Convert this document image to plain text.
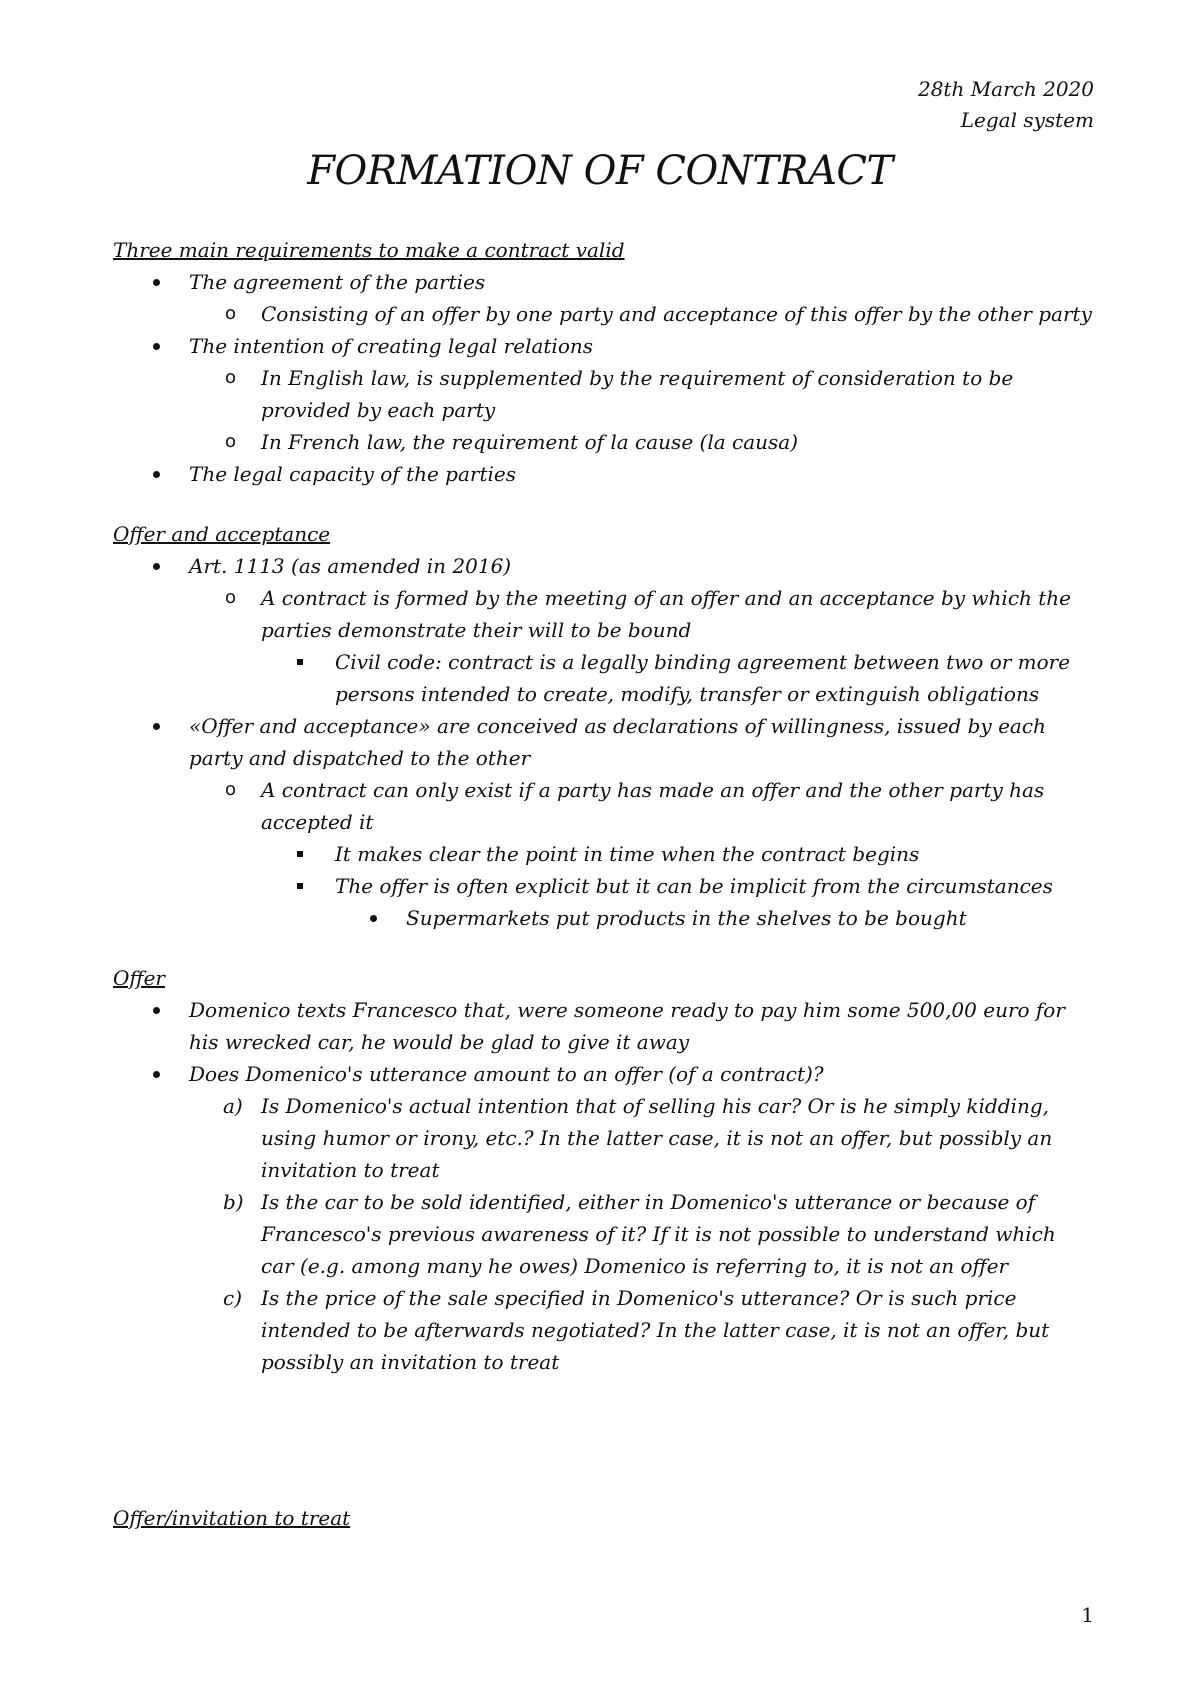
28th March 2020
Legal system
FORMATION OF CONTRACT

Three main requirements to make a contract valid

The agreement of the parties
o Consisting of an offer by one party and acceptance of this offer by the other party
The intention of creating legal relations
o In English law, is supplemented by the requirement of consideration to be provided by each party
o In French law, the requirement of la cause (la causa)
The legal capacity of the parties

Offer and acceptance

Art. 1113 (as amended in 2016)
o A contract is formed by the meeting of an offer and an acceptance by which the parties demonstrate their will to be bound
Civil code: contract is a legally binding agreement between two or more persons intended to create, modify, transfer or extinguish obligations
«Offer and acceptance» are conceived as declarations of willingness, issued by each party and dispatched to the other
o A contract can only exist if a party has made an offer and the other party has accepted it
It makes clear the point in time when the contract begins
The offer is often explicit but it can be implicit from the circumstances
Supermarkets put products in the shelves to be bought

Offer

Domenico texts Francesco that, were someone ready to pay him some 500,00 euro for his wrecked car, he would be glad to give it away
Does Domenico's utterance amount to an offer (of a contract)?
a) Is Domenico's actual intention that of selling his car? Or is he simply kidding, using humor or irony, etc.? In the latter case, it is not an offer, but possibly an invitation to treat
b) Is the car to be sold identified, either in Domenico's utterance or because of Francesco's previous awareness of it? If it is not possible to understand which car (e.g. among many he owes) Domenico is referring to, it is not an offer
c) Is the price of the sale specified in Domenico's utterance? Or is such price intended to be afterwards negotiated? In the latter case, it is not an offer, but possibly an invitation to treat

Offer/invitation to treat

1
